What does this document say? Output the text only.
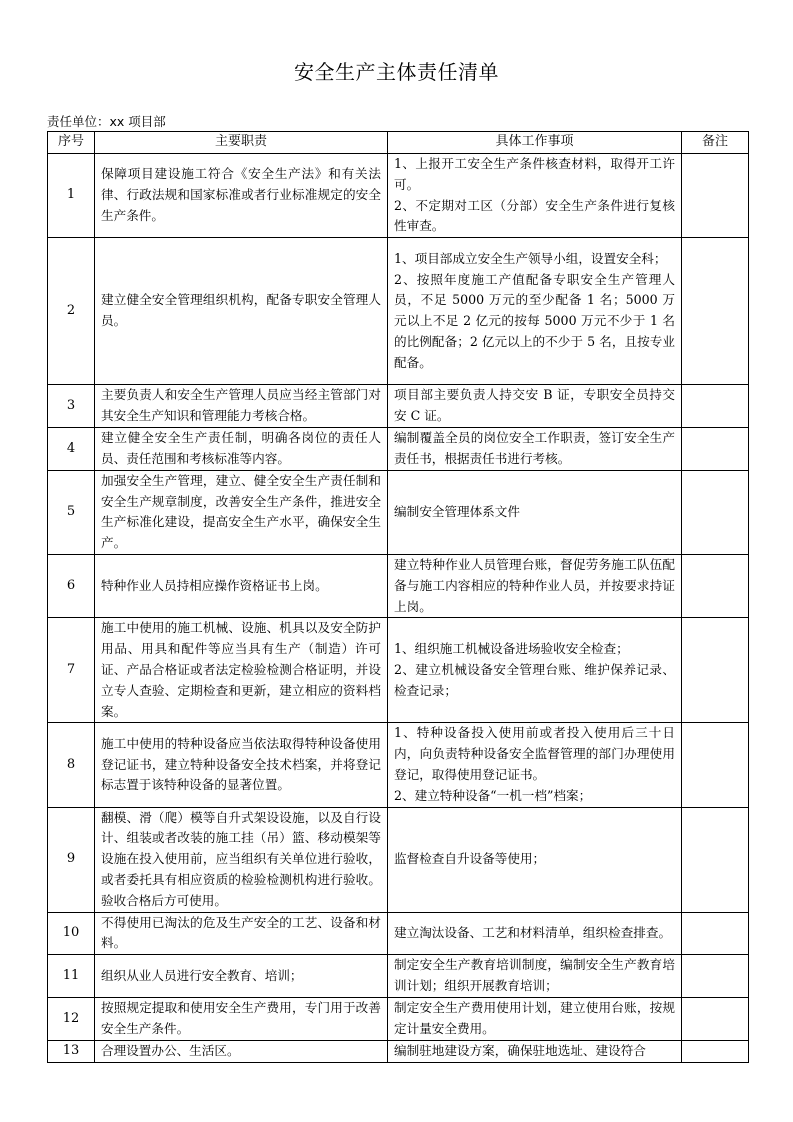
安全生产主体责任清单
责任单位：xx 项目部
序号	主要职责	具体工作事项	备注
1	保障项目建设施工符合《安全生产法》和有关法律、行政法规和国家标准或者行业标准规定的安全生产条件。	1、上报开工安全生产条件核查材料，取得开工许可。
2、不定期对工区（分部）安全生产条件进行复核性审查。	

2	建立健全安全管理组织机构，配备专职安全管理人员。	1、项目部成立安全生产领导小组，设置安全科；
2、按照年度施工产值配备专职安全生产管理人员，不足 5000 万元的至少配备 1 名；5000 万元以上不足 2 亿元的按每 5000 万元不少于 1 名的比例配备；2 亿元以上的不少于 5 名，且按专业配备。	

3	主要负责人和安全生产管理人员应当经主管部门对其安全生产知识和管理能力考核合格。	项目部主要负责人持交安 B 证，专职安全员持交安 C 证。	

4	建立健全安全生产责任制，明确各岗位的责任人员、责任范围和考核标准等内容。	编制覆盖全员的岗位安全工作职责，签订安全生产责任书，根据责任书进行考核。	

5	加强安全生产管理，建立、健全安全生产责任制和安全生产规章制度，改善安全生产条件，推进安全生产标准化建设，提高安全生产水平，确保安全生产。	编制安全管理体系文件	

6	特种作业人员持相应操作资格证书上岗。	建立特种作业人员管理台账，督促劳务施工队伍配备与施工内容相应的特种作业人员，并按要求持证上岗。	

7	施工中使用的施工机械、设施、机具以及安全防护用品、用具和配件等应当具有生产（制造）许可证、产品合格证或者法定检验检测合格证明，并设立专人查验、定期检查和更新，建立相应的资料档案。	1、组织施工机械设备进场验收安全检查；
2、建立机械设备安全管理台账、维护保养记录、检查记录；	

8	施工中使用的特种设备应当依法取得特种设备使用登记证书，建立特种设备安全技术档案，并将登记标志置于该特种设备的显著位置。	1、特种设备投入使用前或者投入使用后三十日内，向负责特种设备安全监督管理的部门办理使用登记，取得使用登记证书。
2、建立特种设备“一机一档”档案；	

9	翻模、滑（爬）模等自升式架设设施，以及自行设计、组装或者改装的施工挂（吊）篮、移动模架等设施在投入使用前，应当组织有关单位进行验收，或者委托具有相应资质的检验检测机构进行验收。验收合格后方可使用。	监督检查自升设备等使用；	

10	不得使用已淘汰的危及生产安全的工艺、设备和材料。	建立淘汰设备、工艺和材料清单，组织检查排查。	

11	组织从业人员进行安全教育、培训；	制定安全生产教育培训制度，编制安全生产教育培训计划；组织开展教育培训；	

12	按照规定提取和使用安全生产费用，专门用于改善安全生产条件。	制定安全生产费用使用计划，建立使用台账，按规定计量安全费用。	

13	合理设置办公、生活区。	编制驻地建设方案，确保驻地选址、建设符合	
